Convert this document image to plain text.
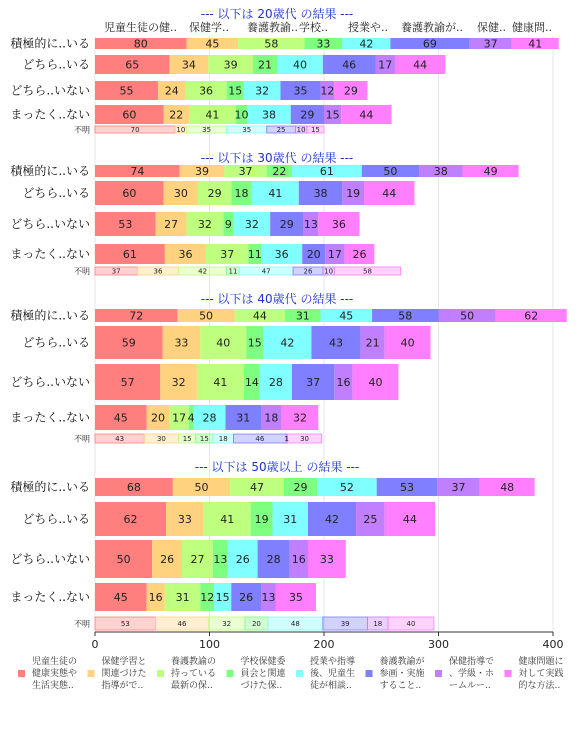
--- 以下は 20歳代 の結果 ---
児童生徒の健.. 保健学.. 養護教諭.. 学校.. 授業や.. 養護教諭が.. 保健.. 健康問..
積極的に..いる	80	45	58	33	42	69	37	41
どちら..いる	65	34	39 21 40	46 17 44
どちら..いない	55	24 36 15 32 35 12 29
まったく..ない	60	22 41 10 38 29 15 44
不明	70	10 35	35	25 10 15
--- 以下は 30歳代 の結果 ---
積極的に..いる	74	39	37 22	61	50	38	49
どちら..いる	60	30 29 18 41	38 19 44
どちら..いない	53	27 32 9 32 29 13 36
まったく..ない	61	36	37 11 36 20 17 26
不明	37	36	42	11	47	26 10	58
--- 以下は 40歳代 の結果 ---
積極的に..いる	72	50	44	31	45	58	50	62
どちら..いる	59	33	40 15 42	43 21 40
どちら..いない	57	32	41 14 28 37 16 40
まったく..ない 45 20 17 4 28 31 18 32
不明	43	30 15 15 18	46	1 30
--- 以下は 50歳以上 の結果 ---
積極的に..いる	68	50	47	29	52	53	37	48
どちら..いる	62	33	41 19 31	42 25 44
どちら..いない 50	26 27 13 26 28 16 33
まったく..ない 45 16 31 12 15 26 13 35
不明	53	46	32	20	48	39	18	40
0	100	200	300	400
児童生徒の
健康実態や
生活実態..
保健学習と
関連づけた
指導がで..
養護教諭の
持っている
最新の保..
学校保健委
員会と関連
づけた保..
授業や指導
後、児童生
徒が相談..
養護教諭が
参画・実施
すること..
保健指導で
、学級・ホ
ームルー..
健康問題に
対して実践
的な方法..
